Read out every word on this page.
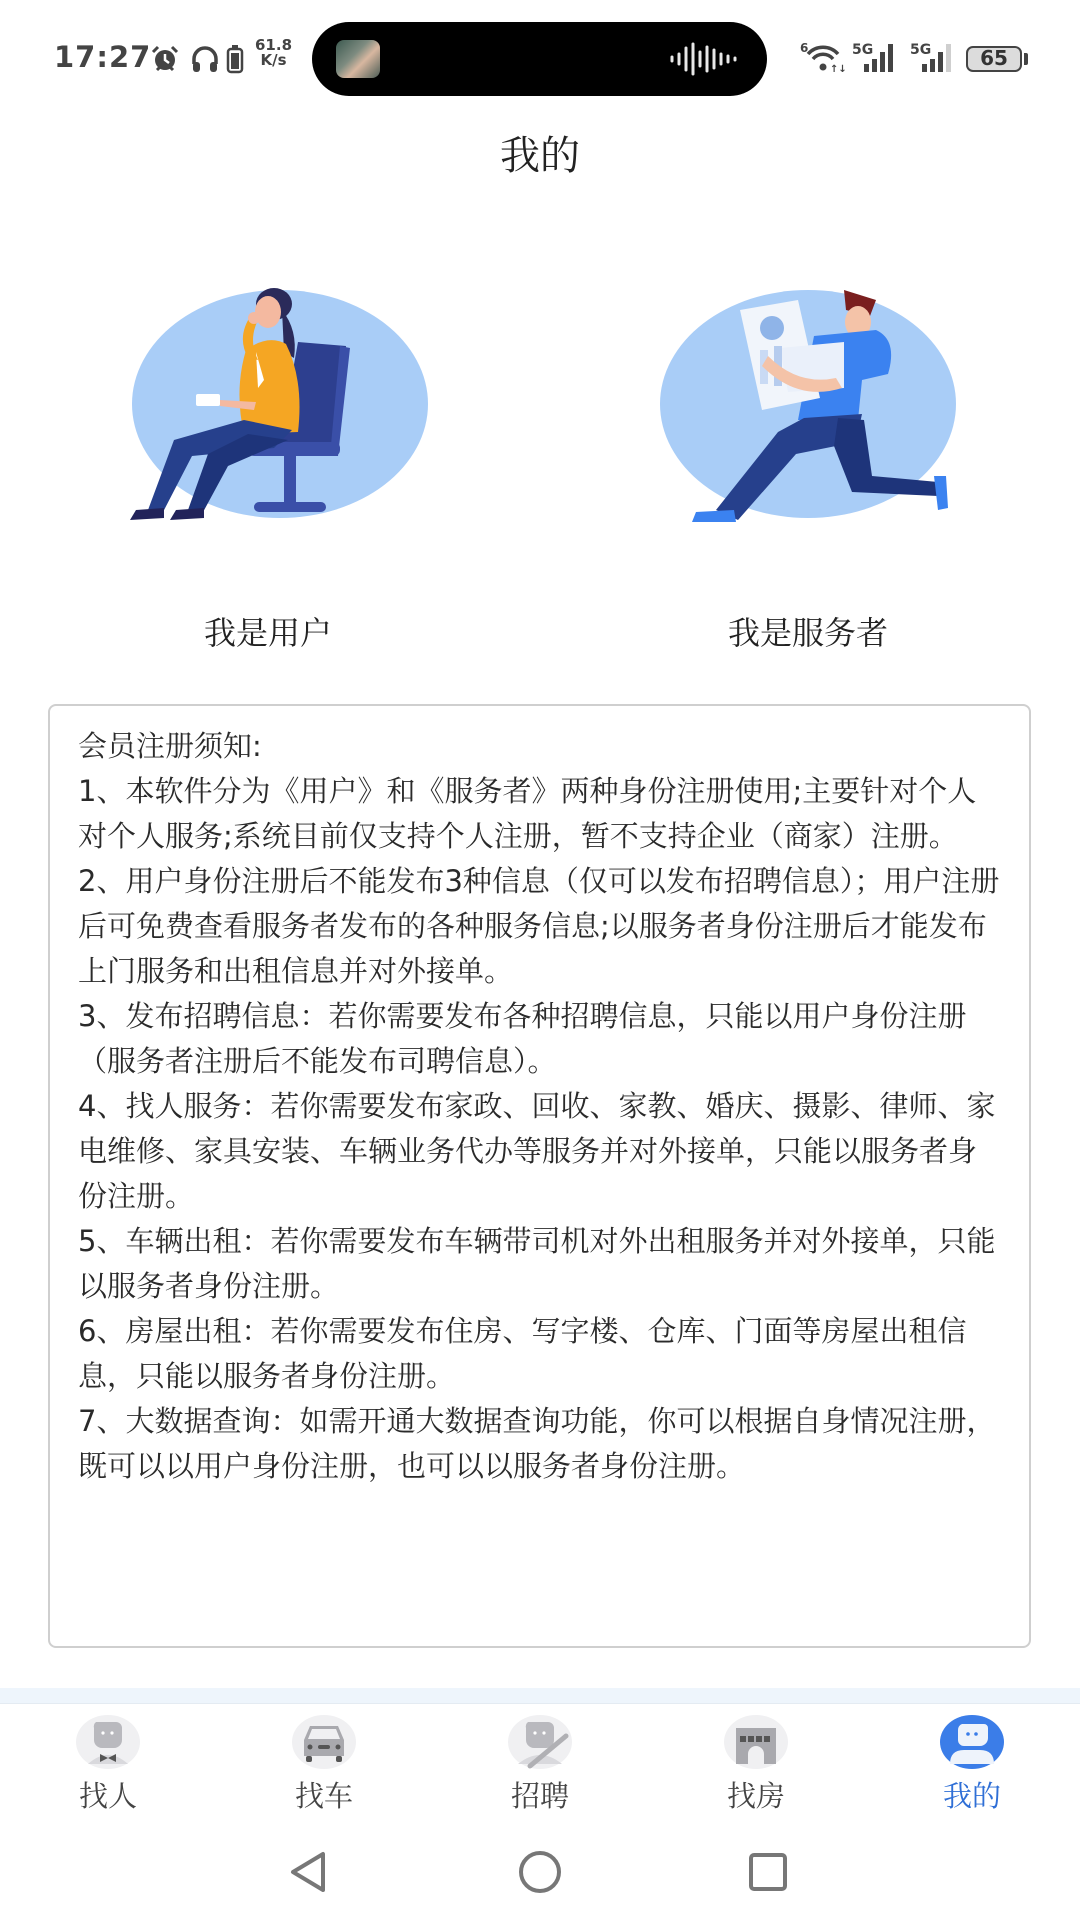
17:27	61.8
K/s
6
↑↓
5G	5G	65
我的
我是用户	我是服务者

会员注册须知:

1、本软件分为《用户》和《服务者》两种身份注册使用;主要针对个人对个人服务;系统目前仅支持个人注册，暂不支持企业（商家）注册。

2、用户身份注册后不能发布3种信息（仅可以发布招聘信息）；用户注册后可免费查看服务者发布的各种服务信息;以服务者身份注册后才能发布上门服务和出租信息并对外接单。

3、发布招聘信息：若你需要发布各种招聘信息，只能以用户身份注册（服务者注册后不能发布司聘信息）。

4、找人服务：若你需要发布家政、回收、家教、婚庆、摄影、律师、家电维修、家具安装、车辆业务代办等服务并对外接单，只能以服务者身份注册。

5、车辆出租：若你需要发布车辆带司机对外出租服务并对外接单，只能以服务者身份注册。

6、房屋出租：若你需要发布住房、写字楼、仓库、门面等房屋出租信息，只能以服务者身份注册。

7、大数据查询：如需开通大数据查询功能，你可以根据自身情况注册，既可以以用户身份注册，也可以以服务者身份注册。

找人	找车	招聘	找房	我的
